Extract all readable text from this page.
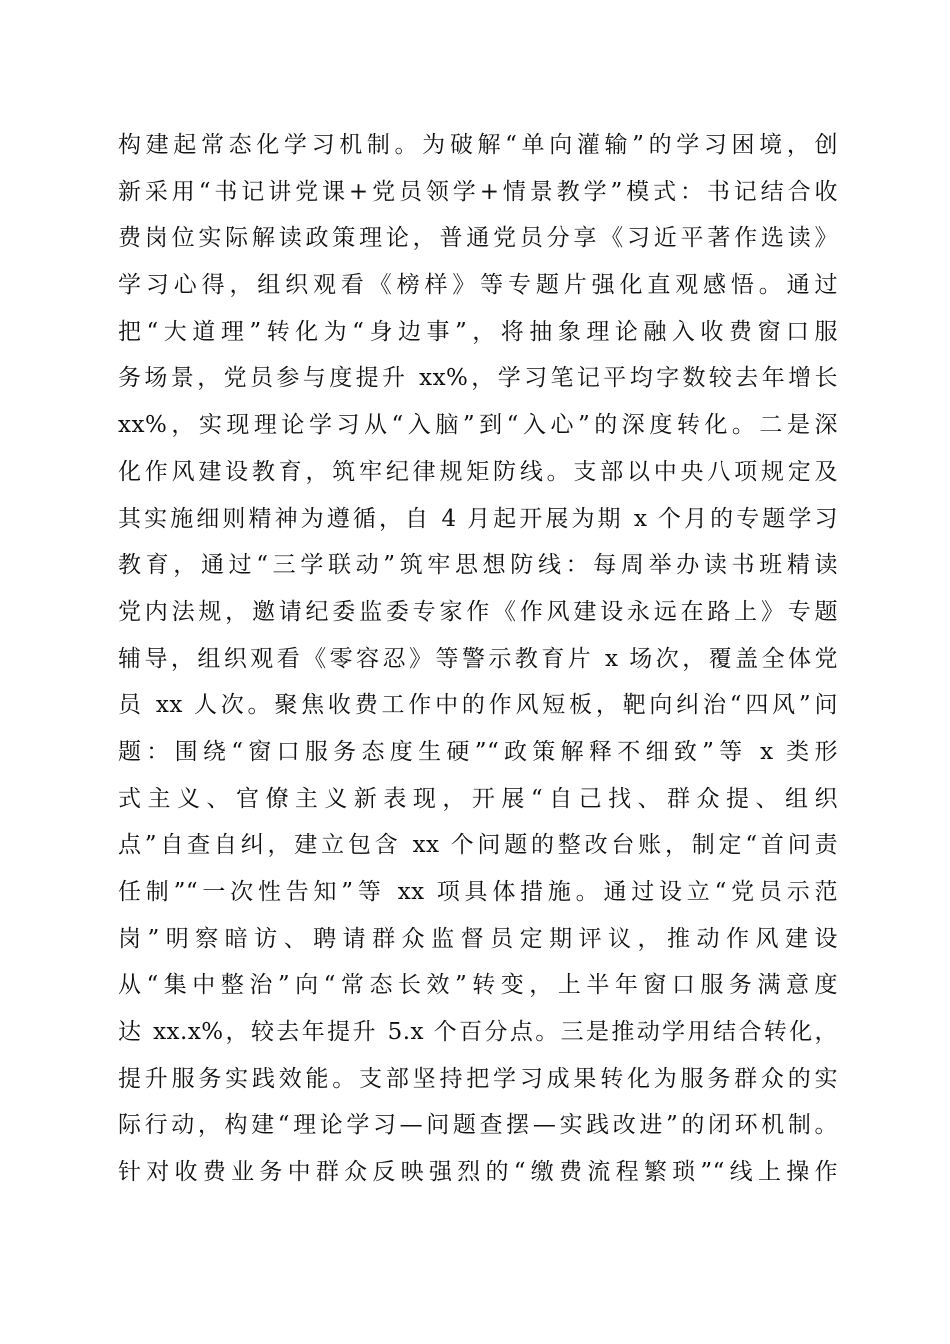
构建起常态化学习机制。为破解“单向灌输”的学习困境，创
新采用“书记讲党课+党员领学+情景教学”模式：书记结合收
费岗位实际解读政策理论，普通党员分享《习近平著作选读》
学习心得，组织观看《榜样》等专题片强化直观感悟。通过
把“大道理”转化为“身边事”，将抽象理论融入收费窗口服
务场景，党员参与度提升 xx%，学习笔记平均字数较去年增长
xx%，实现理论学习从“入脑”到“入心”的深度转化。二是深
化作风建设教育，筑牢纪律规矩防线。支部以中央八项规定及
其实施细则精神为遵循，自 4 月起开展为期 x 个月的专题学习
教育，通过“三学联动”筑牢思想防线：每周举办读书班精读
党内法规，邀请纪委监委专家作《作风建设永远在路上》专题
辅导，组织观看《零容忍》等警示教育片 x 场次，覆盖全体党
员 xx 人次。聚焦收费工作中的作风短板，靶向纠治“四风”问
题：围绕“窗口服务态度生硬”“政策解释不细致”等 x 类形
式主义、官僚主义新表现，开展“自己找、群众提、组织
点”自查自纠，建立包含 xx 个问题的整改台账，制定“首问责
任制”“一次性告知”等 xx 项具体措施。通过设立“党员示范
岗”明察暗访、聘请群众监督员定期评议，推动作风建设
从“集中整治”向“常态长效”转变，上半年窗口服务满意度
达 xx.x%，较去年提升 5.x 个百分点。三是推动学用结合转化，
提升服务实践效能。支部坚持把学习成果转化为服务群众的实
际行动，构建“理论学习—问题查摆—实践改进”的闭环机制。
针对收费业务中群众反映强烈的“缴费流程繁琐”“线上操作
